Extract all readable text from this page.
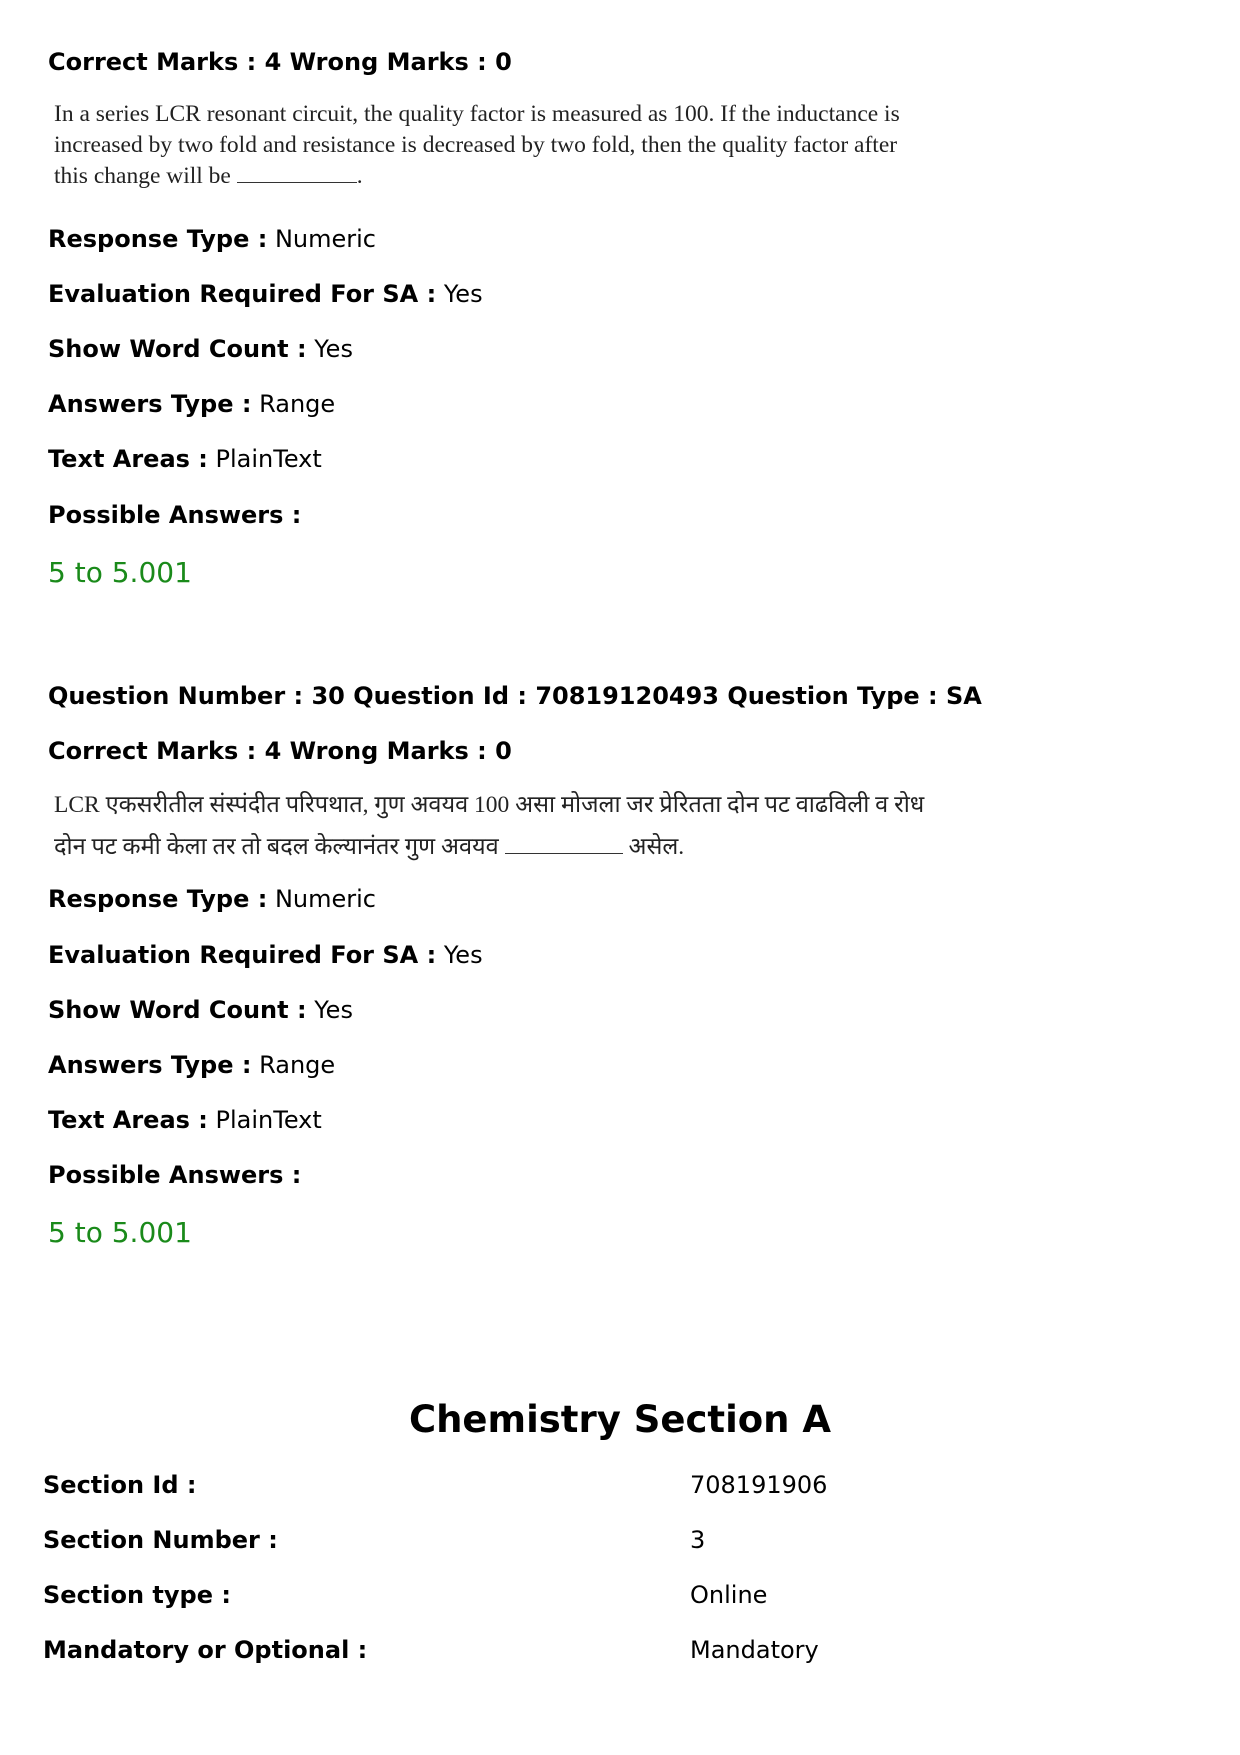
Correct Marks : 4 Wrong Marks : 0
In a series LCR resonant circuit, the quality factor is measured as 100. If the inductance is
increased by two fold and resistance is decreased by two fold, then the quality factor after
this change will be	.
Response Type : Numeric
Evaluation Required For SA : Yes
Show Word Count : Yes
Answers Type : Range
Text Areas : PlainText
Possible Answers :
5 to 5.001
Question Number : 30 Question Id : 70819120493 Question Type : SA
Correct Marks : 4 Wrong Marks : 0
LCR एकसरीतील संस्पंदीत परिपथात, गुण अवयव 100 असा मोजला जर प्रेरितता दोन पट वाढविली व रोध
दोन पट कमी केला तर तो बदल केल्यानंतर गुण अवयव	असेल.
Response Type : Numeric
Evaluation Required For SA : Yes
Show Word Count : Yes
Answers Type : Range
Text Areas : PlainText
Possible Answers :
5 to 5.001
Chemistry Section A
Section Id :	708191906
Section Number :	3
Section type :	Online
Mandatory or Optional :	Mandatory
